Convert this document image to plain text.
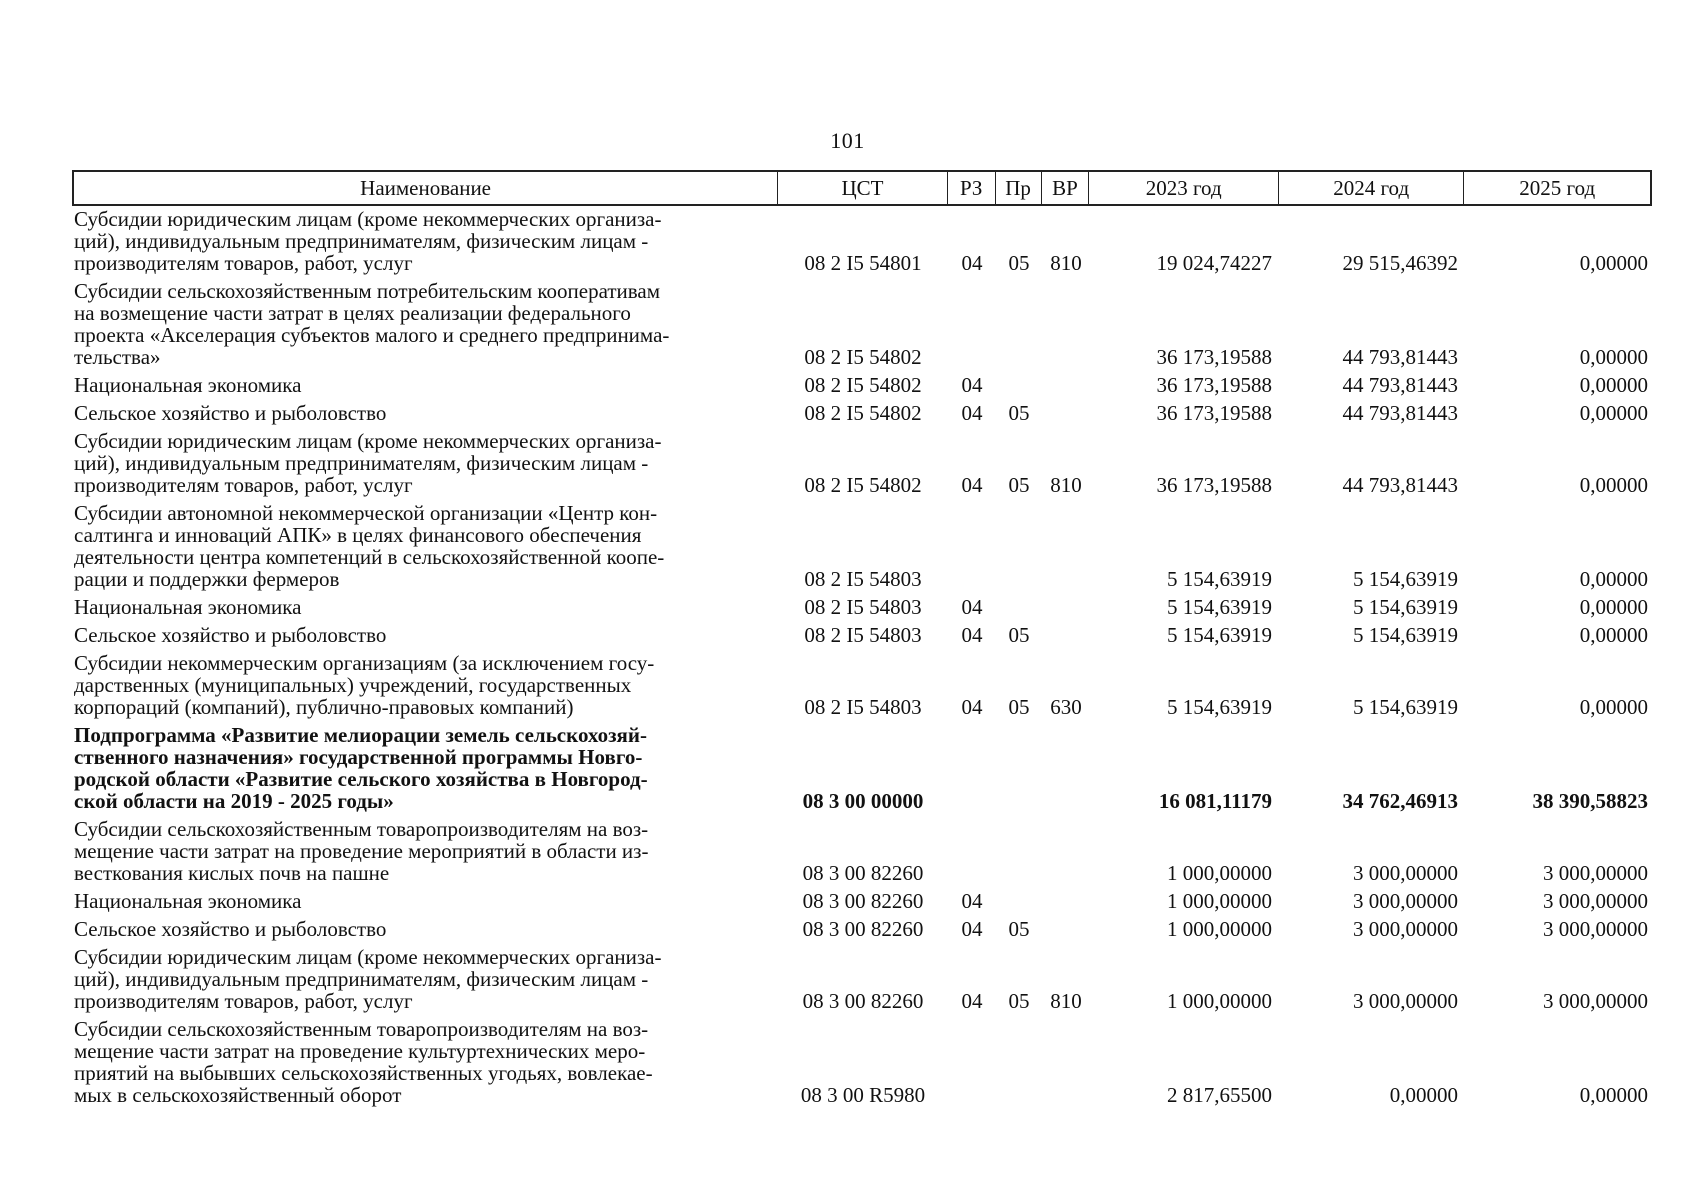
101
Наименование	ЦСТ	РЗ	Пр	ВР	2023 год	2024 год	2025 год
Субсидии юридическим лицам (кроме некоммерческих организа-
ций), индивидуальным предпринимателям, физическим лицам -
производителям товаров, работ, услуг	08 2 I5 54801	04	05 810	19 024,74227	29 515,46392	0,00000
Субсидии сельскохозяйственным потребительским кооперативам
на возмещение части затрат в целях реализации федерального
проекта «Акселерация субъектов малого и среднего предпринима-
тельства»	08 2 I5 54802	36 173,19588	44 793,81443	0,00000
Национальная экономика	08 2 I5 54802	04	36 173,19588	44 793,81443	0,00000
Сельское хозяйство и рыболовство	08 2 I5 54802	04	05	36 173,19588	44 793,81443	0,00000
Субсидии юридическим лицам (кроме некоммерческих организа-
ций), индивидуальным предпринимателям, физическим лицам -
производителям товаров, работ, услуг	08 2 I5 54802	04	05 810	36 173,19588	44 793,81443	0,00000
Субсидии автономной некоммерческой организации «Центр кон-
салтинга и инноваций АПК» в целях финансового обеспечения
деятельности центра компетенций в сельскохозяйственной коопе-
рации и поддержки фермеров	08 2 I5 54803	5 154,63919	5 154,63919	0,00000
Национальная экономика	08 2 I5 54803	04	5 154,63919	5 154,63919	0,00000
Сельское хозяйство и рыболовство	08 2 I5 54803	04	05	5 154,63919	5 154,63919	0,00000
Субсидии некоммерческим организациям (за исключением госу-
дарственных (муниципальных) учреждений, государственных
корпораций (компаний), публично-правовых компаний)	08 2 I5 54803	04	05 630	5 154,63919	5 154,63919	0,00000
Подпрограмма «Развитие мелиорации земель сельскохозяй-
ственного назначения» государственной программы Новго-
родской области «Развитие сельского хозяйства в Новгород-
ской области на 2019 - 2025 годы»	08 3 00 00000	16 081,11179	34 762,46913	38 390,58823
Субсидии сельскохозяйственным товаропроизводителям на воз-
мещение части затрат на проведение мероприятий в области из-
весткования кислых почв на пашне	08 3 00 82260	1 000,00000	3 000,00000	3 000,00000
Национальная экономика	08 3 00 82260	04	1 000,00000	3 000,00000	3 000,00000
Сельское хозяйство и рыболовство	08 3 00 82260	04	05	1 000,00000	3 000,00000	3 000,00000
Субсидии юридическим лицам (кроме некоммерческих организа-
ций), индивидуальным предпринимателям, физическим лицам -
производителям товаров, работ, услуг	08 3 00 82260	04	05 810	1 000,00000	3 000,00000	3 000,00000
Субсидии сельскохозяйственным товаропроизводителям на воз-
мещение части затрат на проведение культуртехнических меро-
приятий на выбывших сельскохозяйственных угодьях, вовлекае-
мых в сельскохозяйственный оборот	08 3 00 R5980	2 817,65500	0,00000	0,00000
